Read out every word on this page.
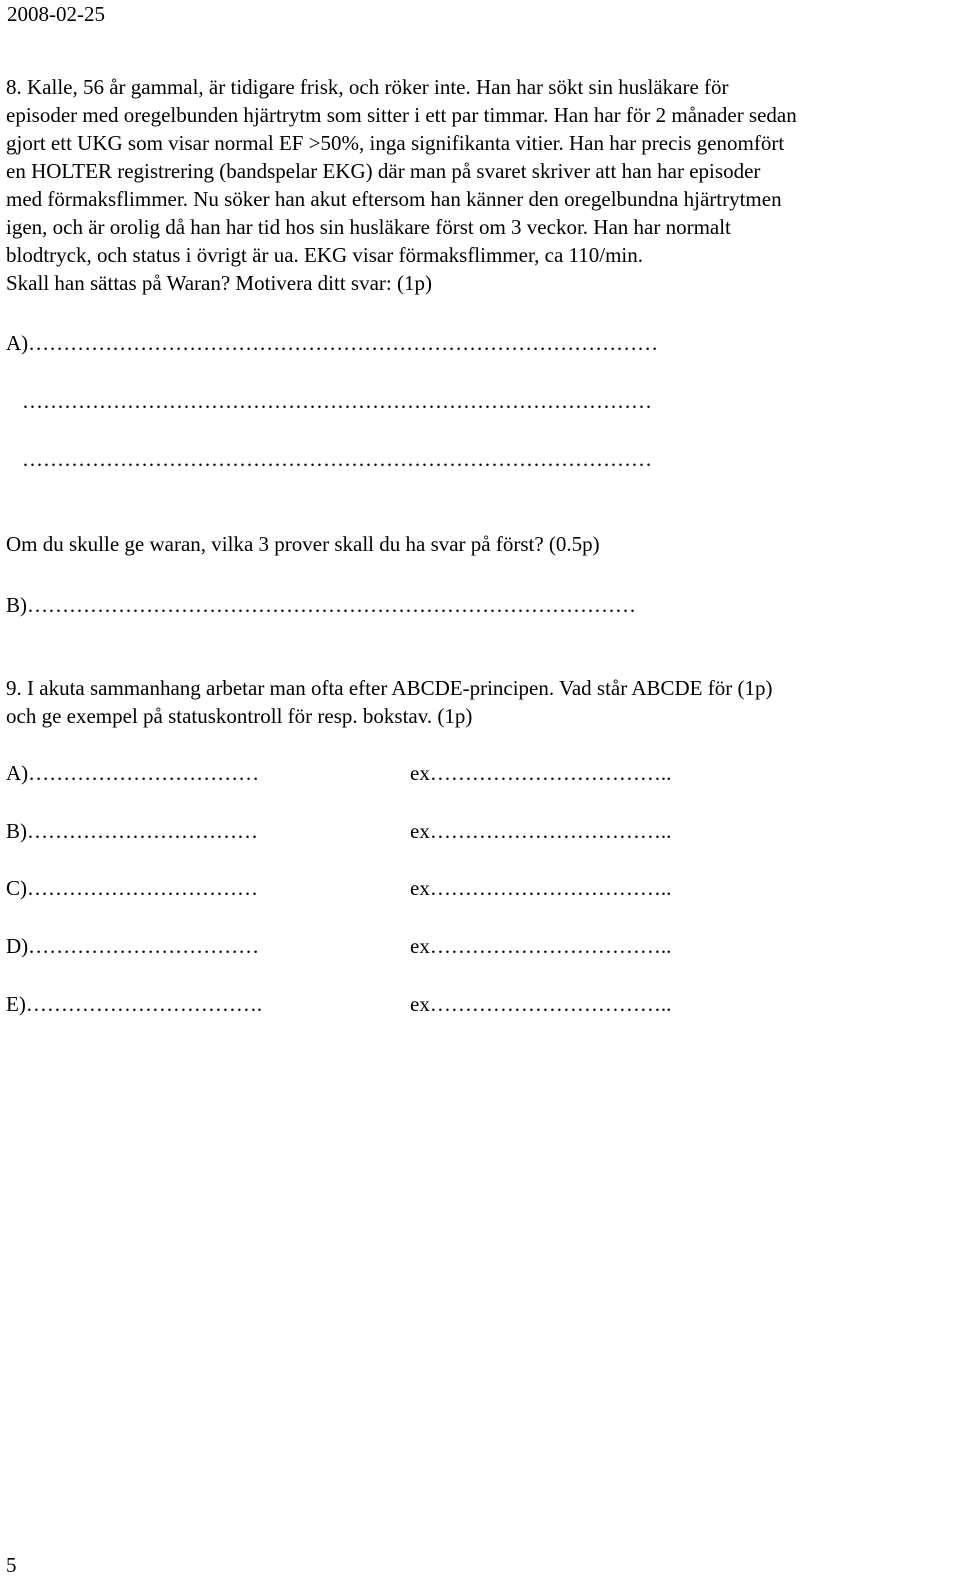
2008-02-25
8. Kalle, 56 år gammal, är tidigare frisk, och röker inte. Han har sökt sin husläkare för
episoder med oregelbunden hjärtrytm som sitter i ett par timmar. Han har för 2 månader sedan
gjort ett UKG som visar normal EF >50%, inga signifikanta vitier. Han har precis genomfört
en HOLTER registrering (bandspelar EKG) där man på svaret skriver att han har episoder
med förmaksflimmer. Nu söker han akut eftersom han känner den oregelbundna hjärtrytmen
igen, och är orolig då han har tid hos sin husläkare först om 3 veckor. Han har normalt
blodtryck, och status i övrigt är ua. EKG visar förmaksflimmer, ca 110/min.
Skall han sättas på Waran? Motivera ditt svar: (1p)
A)………………………………………………………………………………
………………………………………………………………………………
………………………………………………………………………………
Om du skulle ge waran, vilka 3 prover skall du ha svar på först? (0.5p)
B)……………………………………………………………………………
9. I akuta sammanhang arbetar man ofta efter ABCDE-principen. Vad står ABCDE för (1p)
och ge exempel på statuskontroll för resp. bokstav. (1p)
A)……………………………	ex……………………………..
B)……………………………	ex……………………………..
C)……………………………	ex……………………………..
D)……………………………	ex……………………………..
E)…………………………….	ex……………………………..
5
